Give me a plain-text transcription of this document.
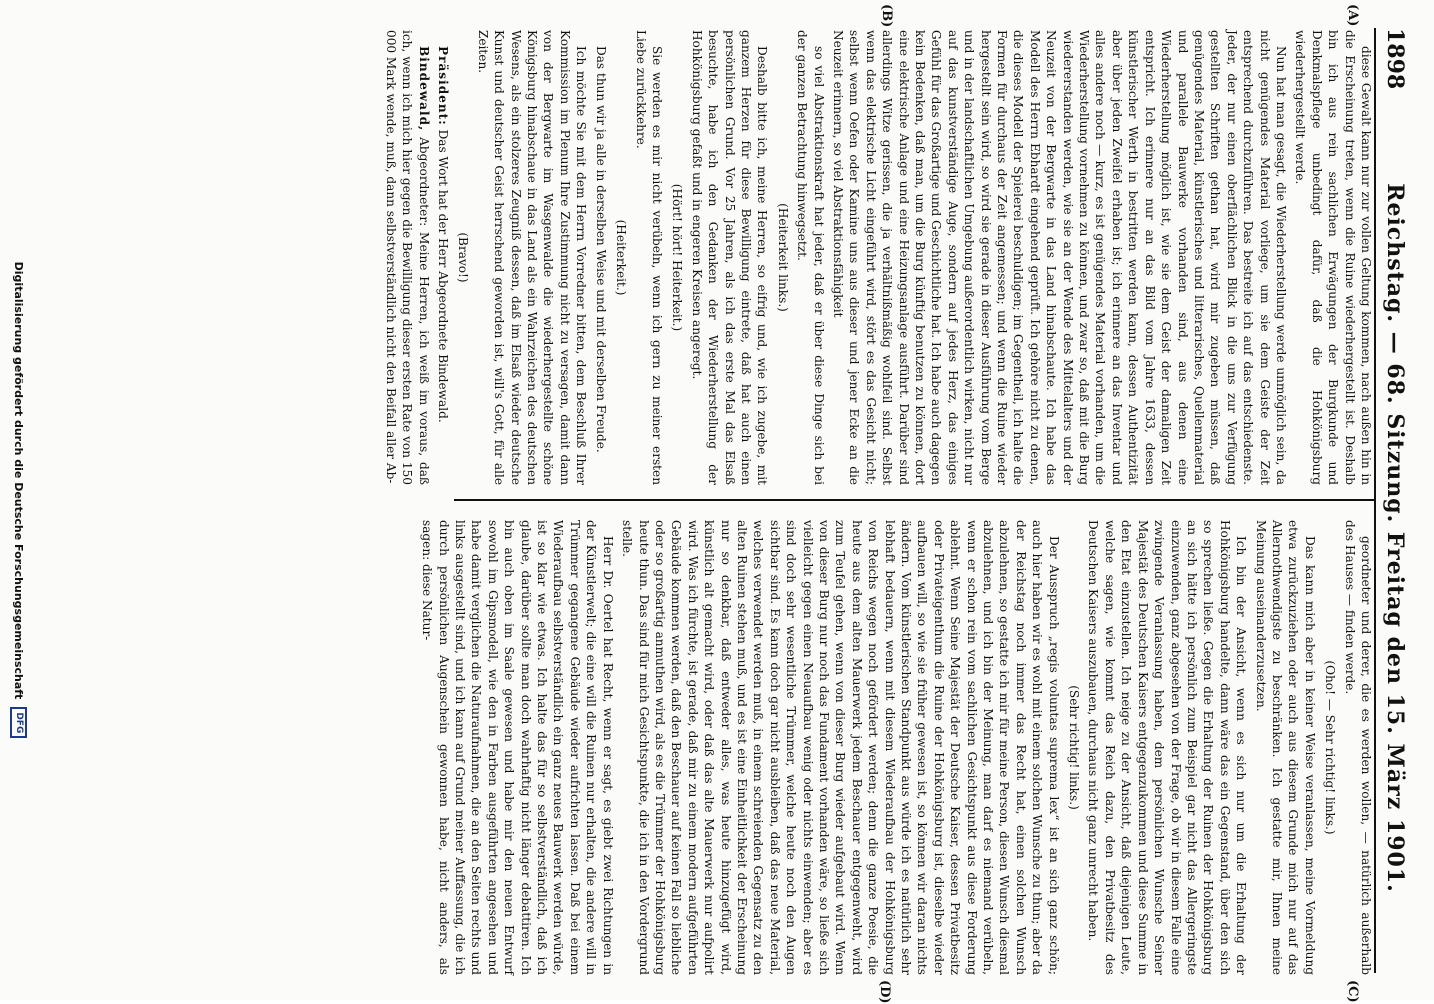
1898
Reichstag. — 68. Sitzung. Freitag den 15. März 1901.
(A)
(B)
(C)
(D)

diese Gewalt kann nur zur vollen Geltung kommen, nach außen hin in die Erscheinung treten, wenn die Ruine wiederhergestellt ist. Deshalb bin ich aus rein sachlichen Erwägungen der Burgkunde und Denkmalspflege unbedingt dafür, daß die Hohkönigsburg wiederhergestellt werde.

Nun hat man gesagt, die Wiederherstellung werde unmöglich sein, da nicht genügendes Material vorliege, um sie dem Geiste der Zeit entsprechend durchzuführen. Das bestreite ich auf das entschiedenste. Jeder, der nur einen oberflächlichen Blick in die uns zur Verfügung gestellten Schriften gethan hat, wird mir zugeben müssen, daß genügendes Material, künstlerisches und litterarisches, Quellenmaterial und parallele Bauwerke vorhanden sind, aus denen eine Wiederherstellung möglich ist, wie sie dem Geist der damaligen Zeit entspricht. Ich erinnere nur an das Bild vom Jahre 1633, dessen künstlerischer Werth in bestritten werden kann, dessen Authentizität aber über jeden Zweifel erhaben ist; ich erinnere an das Inventar und alles andere noch — kurz, es ist genügendes Material vorhanden, um die Wiederherstellung vornehmen zu können, und zwar so, daß mit die Burg wiedererstanden werden, wie sie an der Wende des Mittelalters und der Neuzeit von der Bergwarte in das Land hinabschaute. Ich habe das Modell des Herrn Ebhardt eingehend geprüft. Ich gehöre nicht zu denen, die dieses Modell der Spielerei beschuldigen; im Gegentheil, ich halte die Formen für durchaus der Zeit angemessen; und wenn die Ruine wieder hergestellt sein wird, so wird sie gerade in dieser Ausführung vom Berge und in der landschaftlichen Umgebung außerordentlich wirken, nicht nur auf das kunstverständige Auge, sondern auf jedes Herz, das einiges Gefühl für das Großartige und Geschichtliche hat. Ich habe auch dagegen kein Bedenken, daß man, um die Burg künftig benutzen zu können, dort eine elektrische Anlage und eine Heizungsanlage ausführt. Darüber sind allerdings Witze gerissen, die ja verhältnißmäßig wohlfeil sind. Selbst wenn das elektrische Licht eingeführt wird, stört es das Gesicht nicht; selbst wenn Oefen oder Kamine uns aus dieser und jener Ecke an die Neuzeit erinnern, so viel Abstraktionsfähigkeit

so viel Abstraktionskraft hat jeder, daß er über diese Dinge sich bei der ganzen Betrachtung hinwegsetzt.

(Heiterkeit links.)

Deshalb bitte ich, meine Herren, so eifrig und, wie ich zugebe, mit ganzem Herzen für diese Bewilligung eintrete, daß hat auch einen persönlichen Grund. Vor 25 Jahren, als ich das erste Mal das Elsaß besuchte, habe ich den Gedanken der Wiederherstellung der Hohkönigsburg gefaßt und in engeren Kreisen angeregt.

(Hört! hört! Heiterkeit.)

Sie werden es mir nicht verübeln, wenn ich gern zu meiner ersten Liebe zurückkehre.

(Heiterkeit.)

Das thun wir ja alle in derselben Weise und mit derselben Freude.

Ich möchte Sie mit dem Herrn Vorredner bitten, dem Beschluß Ihrer Kommission im Plenum Ihre Zustimmung nicht zu versagen, damit dann von der Bergwarte im Wasgenwalde die wiederhergestellte schöne Königsburg hinabschaue in das Land als ein Wahrzeichen des deutschen Wesens, als ein stolzeres Zeugniß dessen, daß im Elsaß wieder deutsche Kunst und deutscher Geist herrschend geworden ist, will's Gott, für alle Zeiten.

(Bravo!)

Präsident: Das Wort hat der Herr Abgeordnete Bindewald.

Bindewald, Abgeordneter: Meine Herren, ich weiß im voraus, daß ich, wenn ich mich hier gegen die Bewilligung dieser ersten Rate von 150 000 Mark wende, muß, dann selbstverständlich nicht den Beifall aller Ab-

geordneter und derer, die es werden wollen, — natürlich außerhalb des Hauses — finden werde.

(Oho! — Sehr richtig! links.)

Das kann mich aber in keiner Weise veranlassen, meine Vormeldung etwa zurückzuziehen oder auch aus diesem Grunde mich nur auf das Allernothwendigste zu beschränken. Ich gestatte mir, Ihnen meine Meinung auseinanderzusetzen.

Ich bin der Ansicht, wenn es sich nur um die Erhaltung der Hohkönigsburg handelte, dann wäre das ein Gegenstand, über den sich so sprechen ließe. Gegen die Erhaltung der Ruinen der Hohkönigsburg an sich hätte ich persönlich zum Beispiel gar nicht das Allergeringste einzuwenden, ganz abgesehen von der Frage, ob wir in diesem Falle eine zwingende Veranlassung haben, dem persönlichen Wunsche Seiner Majestät des Deutschen Kaisers entgegenzukommen und diese Summe in den Etat einzustellen. Ich neige zu der Ansicht, daß diejenigen Leute, welche sagen, wie kommt das Reich dazu, den Privatbesitz des Deutschen Kaisers auszubauen, durchaus nicht ganz unrecht haben.

(Sehr richtig! links.)

Der Ausspruch „regis voluntas suprema lex“ ist an sich ganz schön; auch hier haben wir es wohl mit einem solchen Wunsche zu thun; aber da der Reichstag noch immer das Recht hat, einen solchen Wunsch abzulehnen, so gestatte ich mir für meine Person, diesen Wunsch diesmal abzulehnen, und ich bin der Meinung, man darf es niemand verübeln, wenn er schon rein vom sachlichen Gesichtspunkt aus diese Forderung ablehnt. Wenn Seine Majestät der Deutsche Kaiser, dessen Privatbesitz oder Privateigenthum die Ruine der Hohkönigsburg ist, dieselbe wieder aufbauen will, so wie sie früher gewesen ist, so können wir daran nichts ändern. Vom künstlerischen Standpunkt aus würde ich es natürlich sehr lebhaft bedauern, wenn mit diesem Wiederaufbau der Hohkönigsburg von Reichs wegen noch gefördert werden; denn die ganze Poesie, die heute aus dem alten Mauerwerk jedem Beschauer entgegenweht, wird zum Teufel gehen, wenn von dieser Burg wieder aufgebaut wird. Wenn von dieser Burg nur noch das Fundament vorhanden wäre, so ließe sich vielleicht gegen einen Neuaufbau wenig oder nichts einwenden; aber es sind doch sehr wesentliche Trümmer, welche heute noch den Augen sichtbar sind. Es kann doch gar nicht ausbleiben, daß das neue Material, welches verwendet werden muß, in einem schreienden Gegensatz zu den alten Ruinen stehen muß, und es ist eine Einheitlichkeit der Erscheinung nur so denkbar, daß entweder alles, was heute hinzugefügt wird, künstlich alt gemacht wird, oder daß das alte Mauerwerk nur aufpolirt wird. Was ich fürchte, ist gerade, daß mir zu einem modern aufgeführten Gebäude kommen werden, daß den Beschauer auf keinen Fall so liebliche oder so großartig anmuthen wird, als es die Trümmer der Hohkönigsburg heute thun. Das sind für mich Gesichtspunkte, die ich in den Vordergrund stelle.

Herr Dr. Oertel hat Recht, wenn er sagt, es giebt zwei Richtungen in der Künstlerwelt; die eine will die Ruinen nur erhalten, die andere will in Trümmer gegangene Gebäude wieder aufrichten lassen. Daß bei einem Wiederaufbau selbstverständlich ein ganz neues Bauwerk werden würde, ist so klar wie etwas. Ich halte das für so selbstverständlich, daß ich glaube, darüber sollte man doch wahrhaftig nicht länger debattiren. Ich bin auch oben im Saale gewesen und habe mir den neuen Entwurf sowohl im Gipsmodell, wie den in Farben ausgeführten angesehen und habe damit verglichen die Naturaufnahmen, die an den Seiten rechts und links ausgestellt sind, und ich kann auf Grund meiner Auffassung, die ich durch persönlichen Augenschein gewonnen habe, nicht anders, als sagen: diese Natur-

Digitalisierung gefördert durch die Deutsche Forschungsgemeinschaft
DFG
